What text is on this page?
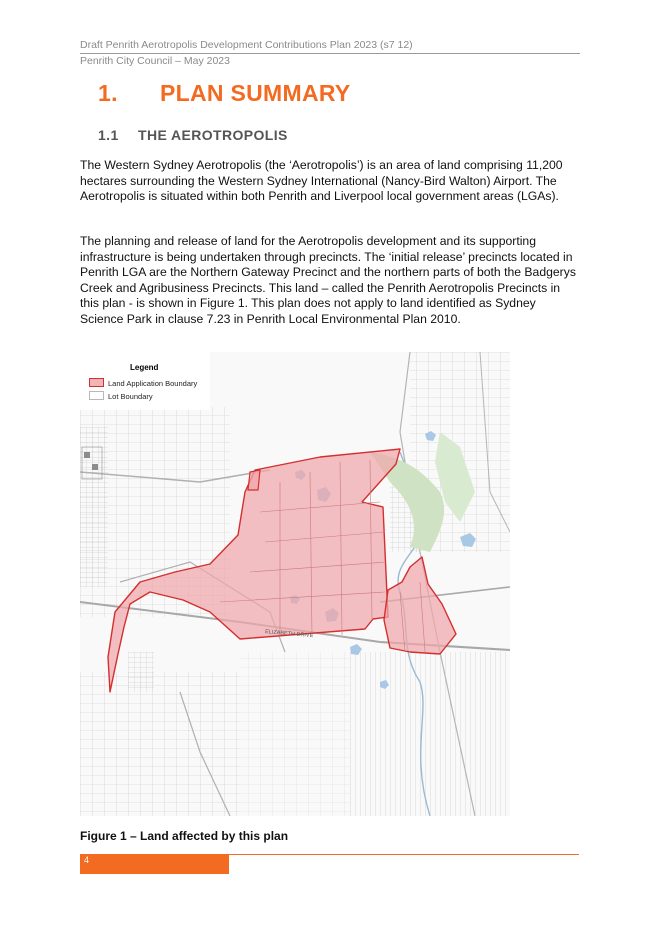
Draft Penrith Aerotropolis Development Contributions Plan 2023 (s7 12)
Penrith City Council – May 2023
1. PLAN SUMMARY
1.1 THE AEROTROPOLIS

The Western Sydney Aerotropolis (the ‘Aerotropolis’) is an area of land comprising 11,200 hectares surrounding the Western Sydney International (Nancy-Bird Walton) Airport. The Aerotropolis is situated within both Penrith and Liverpool local government areas (LGAs).

The planning and release of land for the Aerotropolis development and its supporting infrastructure is being undertaken through precincts. The ‘initial release’ precincts located in Penrith LGA are the Northern Gateway Precinct and the northern parts of both the Badgerys Creek and Agribusiness Precincts. This land – called the Penrith Aerotropolis Precincts in this plan - is shown in Figure 1. This plan does not apply to land identified as Sydney Science Park in clause 7.23 in Penrith Local Environmental Plan 2010.

ELIZABETH DRIVE
Legend
Land Application Boundary
Lot Boundary
Figure 1 – Land affected by this plan
4
